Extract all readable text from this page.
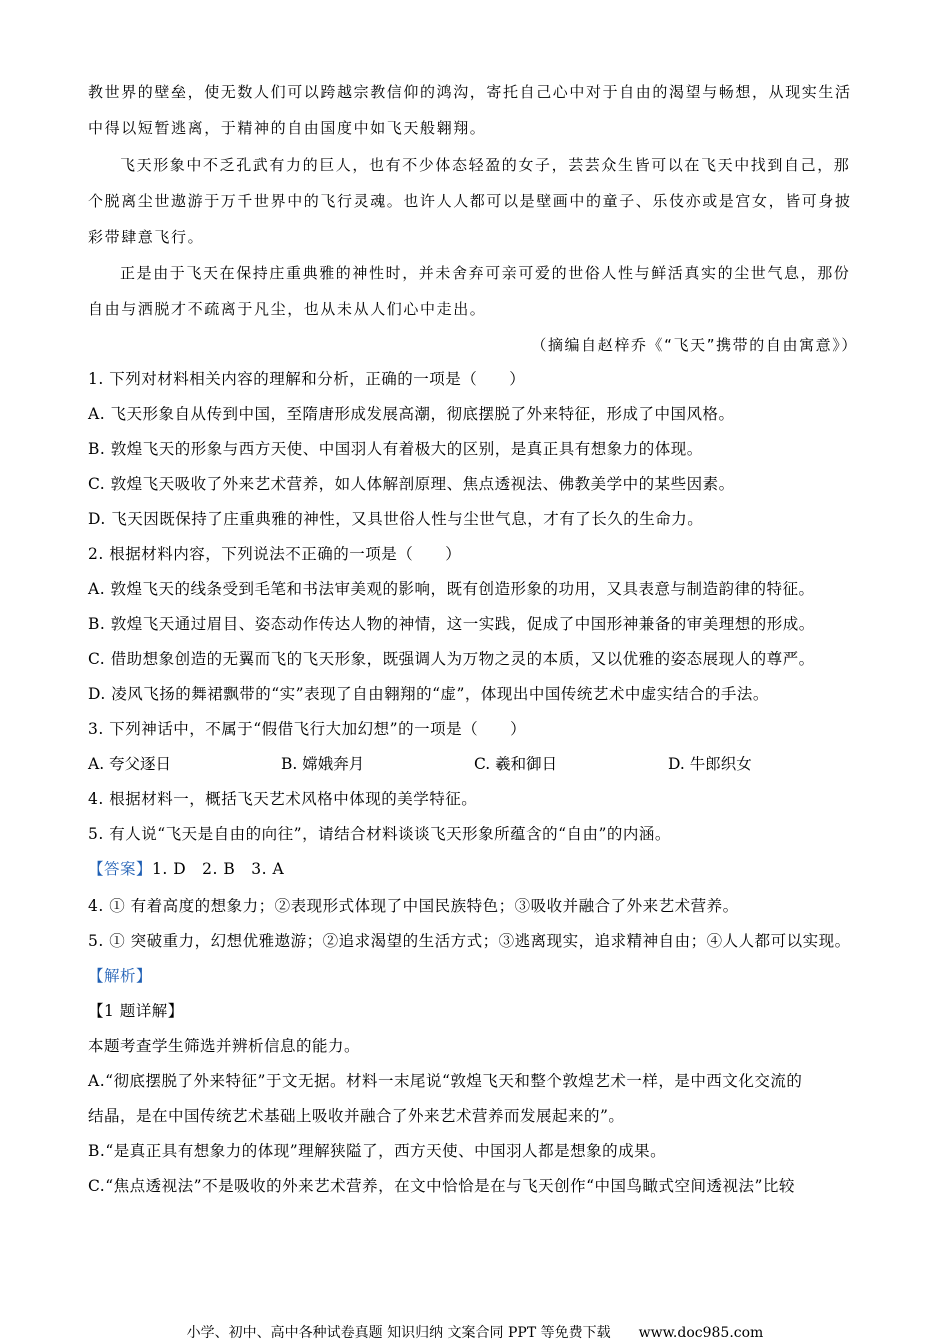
教世界的壁垒，使无数人们可以跨越宗教信仰的鸿沟，寄托自己心中对于自由的渴望与畅想，从现实生活
中得以短暂逃离，于精神的自由国度中如飞天般翱翔。
飞天形象中不乏孔武有力的巨人，也有不少体态轻盈的女子，芸芸众生皆可以在飞天中找到自己，那
个脱离尘世遨游于万千世界中的飞行灵魂。也许人人都可以是壁画中的童子、乐伎亦或是宫女，皆可身披
彩带肆意飞行。
正是由于飞天在保持庄重典雅的神性时，并未舍弃可亲可爱的世俗人性与鲜活真实的尘世气息，那份
自由与洒脱才不疏离于凡尘，也从未从人们心中走出。
（摘编自赵梓乔《“飞天”携带的自由寓意》）
1. 下列对材料相关内容的理解和分析，正确的一项是（　　）
A. 飞天形象自从传到中国，至隋唐形成发展高潮，彻底摆脱了外来特征，形成了中国风格。
B. 敦煌飞天的形象与西方天使、中国羽人有着极大的区别，是真正具有想象力的体现。
C. 敦煌飞天吸收了外来艺术营养，如人体解剖原理、焦点透视法、佛教美学中的某些因素。
D. 飞天因既保持了庄重典雅的神性，又具世俗人性与尘世气息，才有了长久的生命力。
2. 根据材料内容，下列说法不正确的一项是（　　）
A. 敦煌飞天的线条受到毛笔和书法审美观的影响，既有创造形象的功用，又具表意与制造韵律的特征。
B. 敦煌飞天通过眉目、姿态动作传达人物的神情，这一实践，促成了中国形神兼备的审美理想的形成。
C. 借助想象创造的无翼而飞的飞天形象，既强调人为万物之灵的本质，又以优雅的姿态展现人的尊严。
D. 凌风飞扬的舞裙飘带的“实”表现了自由翱翔的“虚”，体现出中国传统艺术中虚实结合的手法。
3. 下列神话中，不属于“假借飞行大加幻想”的一项是（　　）
A. 夸父逐日	B. 嫦娥奔月	C. 羲和御日	D. 牛郎织女
4. 根据材料一，概括飞天艺术风格中体现的美学特征。
5. 有人说“飞天是自由的向往”，请结合材料谈谈飞天形象所蕴含的“自由”的内涵。
【答案】1. D　2. B　3. A
4. ① 有着高度的想象力；②表现形式体现了中国民族特色；③吸收并融合了外来艺术营养。
5. ① 突破重力，幻想优雅遨游；②追求渴望的生活方式；③逃离现实，追求精神自由；④人人都可以实现。
【解析】
【1 题详解】
本题考查学生筛选并辨析信息的能力。
A.“彻底摆脱了外来特征”于文无据。材料一末尾说“敦煌飞天和整个敦煌艺术一样，是中西文化交流的
结晶，是在中国传统艺术基础上吸收并融合了外来艺术营养而发展起来的”。
B.“是真正具有想象力的体现”理解狭隘了，西方天使、中国羽人都是想象的成果。
C.“焦点透视法”不是吸收的外来艺术营养，在文中恰恰是在与飞天创作“中国鸟瞰式空间透视法”比较
小学、初中、高中各种试卷真题 知识归纳 文案合同 PPT 等免费下载　　www.doc985.com
